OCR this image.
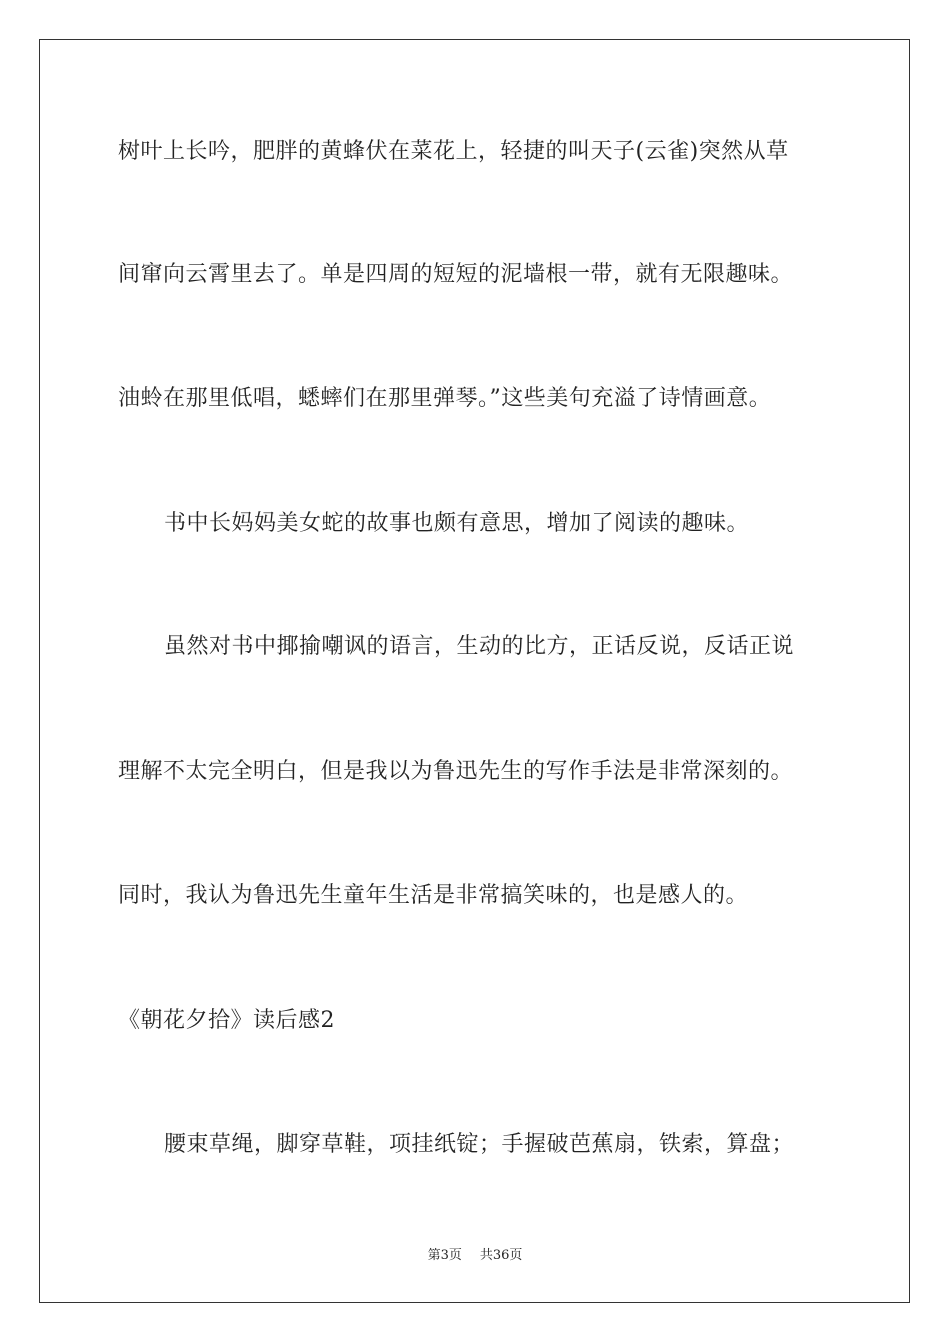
树叶上长吟，肥胖的黄蜂伏在菜花上，轻捷的叫天子(云雀)突然从草
间窜向云霄里去了。单是四周的短短的泥墙根一带，就有无限趣味。
油蛉在那里低唱，蟋蟀们在那里弹琴。”这些美句充溢了诗情画意。
书中长妈妈美女蛇的故事也颇有意思，增加了阅读的趣味。
虽然对书中揶揄嘲讽的语言，生动的比方，正话反说，反话正说
理解不太完全明白，但是我以为鲁迅先生的写作手法是非常深刻的。
同时，我认为鲁迅先生童年生活是非常搞笑味的，也是感人的。
《朝花夕拾》读后感2
腰束草绳，脚穿草鞋，项挂纸锭；手握破芭蕉扇，铁索，算盘；
第3页 共36页
